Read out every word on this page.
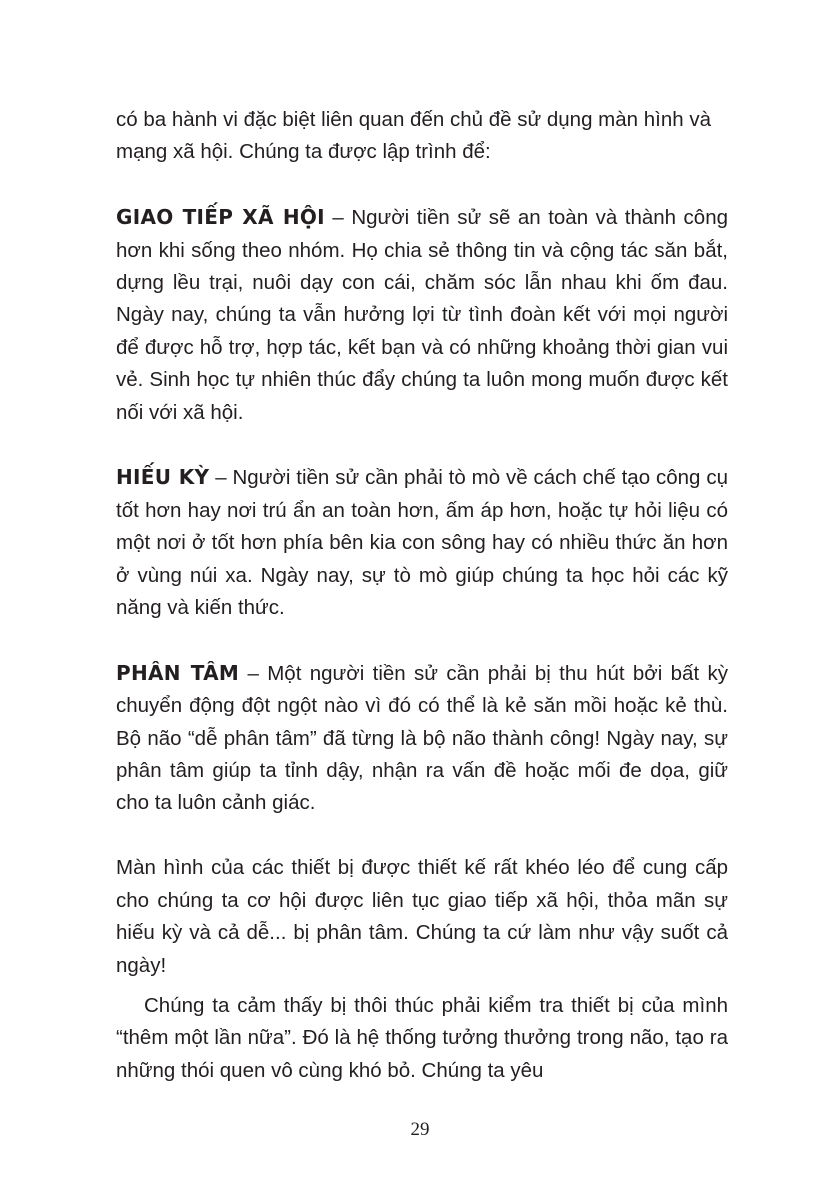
có ba hành vi đặc biệt liên quan đến chủ đề sử dụng màn hình và mạng xã hội. Chúng ta được lập trình để:

GIAO TIẾP XÃ HỘI – Người tiền sử sẽ an toàn và thành công hơn khi sống theo nhóm. Họ chia sẻ thông tin và cộng tác săn bắt, dựng lều trại, nuôi dạy con cái, chăm sóc lẫn nhau khi ốm đau. Ngày nay, chúng ta vẫn hưởng lợi từ tình đoàn kết với mọi người để được hỗ trợ, hợp tác, kết bạn và có những khoảng thời gian vui vẻ. Sinh học tự nhiên thúc đẩy chúng ta luôn mong muốn được kết nối với xã hội.

HIẾU KỲ – Người tiền sử cần phải tò mò về cách chế tạo công cụ tốt hơn hay nơi trú ẩn an toàn hơn, ấm áp hơn, hoặc tự hỏi liệu có một nơi ở tốt hơn phía bên kia con sông hay có nhiều thức ăn hơn ở vùng núi xa. Ngày nay, sự tò mò giúp chúng ta học hỏi các kỹ năng và kiến thức.

PHÂN TÂM – Một người tiền sử cần phải bị thu hút bởi bất kỳ chuyển động đột ngột nào vì đó có thể là kẻ săn mồi hoặc kẻ thù. Bộ não “dễ phân tâm” đã từng là bộ não thành công! Ngày nay, sự phân tâm giúp ta tỉnh dậy, nhận ra vấn đề hoặc mối đe dọa, giữ cho ta luôn cảnh giác.

Màn hình của các thiết bị được thiết kế rất khéo léo để cung cấp cho chúng ta cơ hội được liên tục giao tiếp xã hội, thỏa mãn sự hiếu kỳ và cả dễ... bị phân tâm. Chúng ta cứ làm như vậy suốt cả ngày!

Chúng ta cảm thấy bị thôi thúc phải kiểm tra thiết bị của mình “thêm một lần nữa”. Đó là hệ thống tưởng thưởng trong não, tạo ra những thói quen vô cùng khó bỏ. Chúng ta yêu

29
